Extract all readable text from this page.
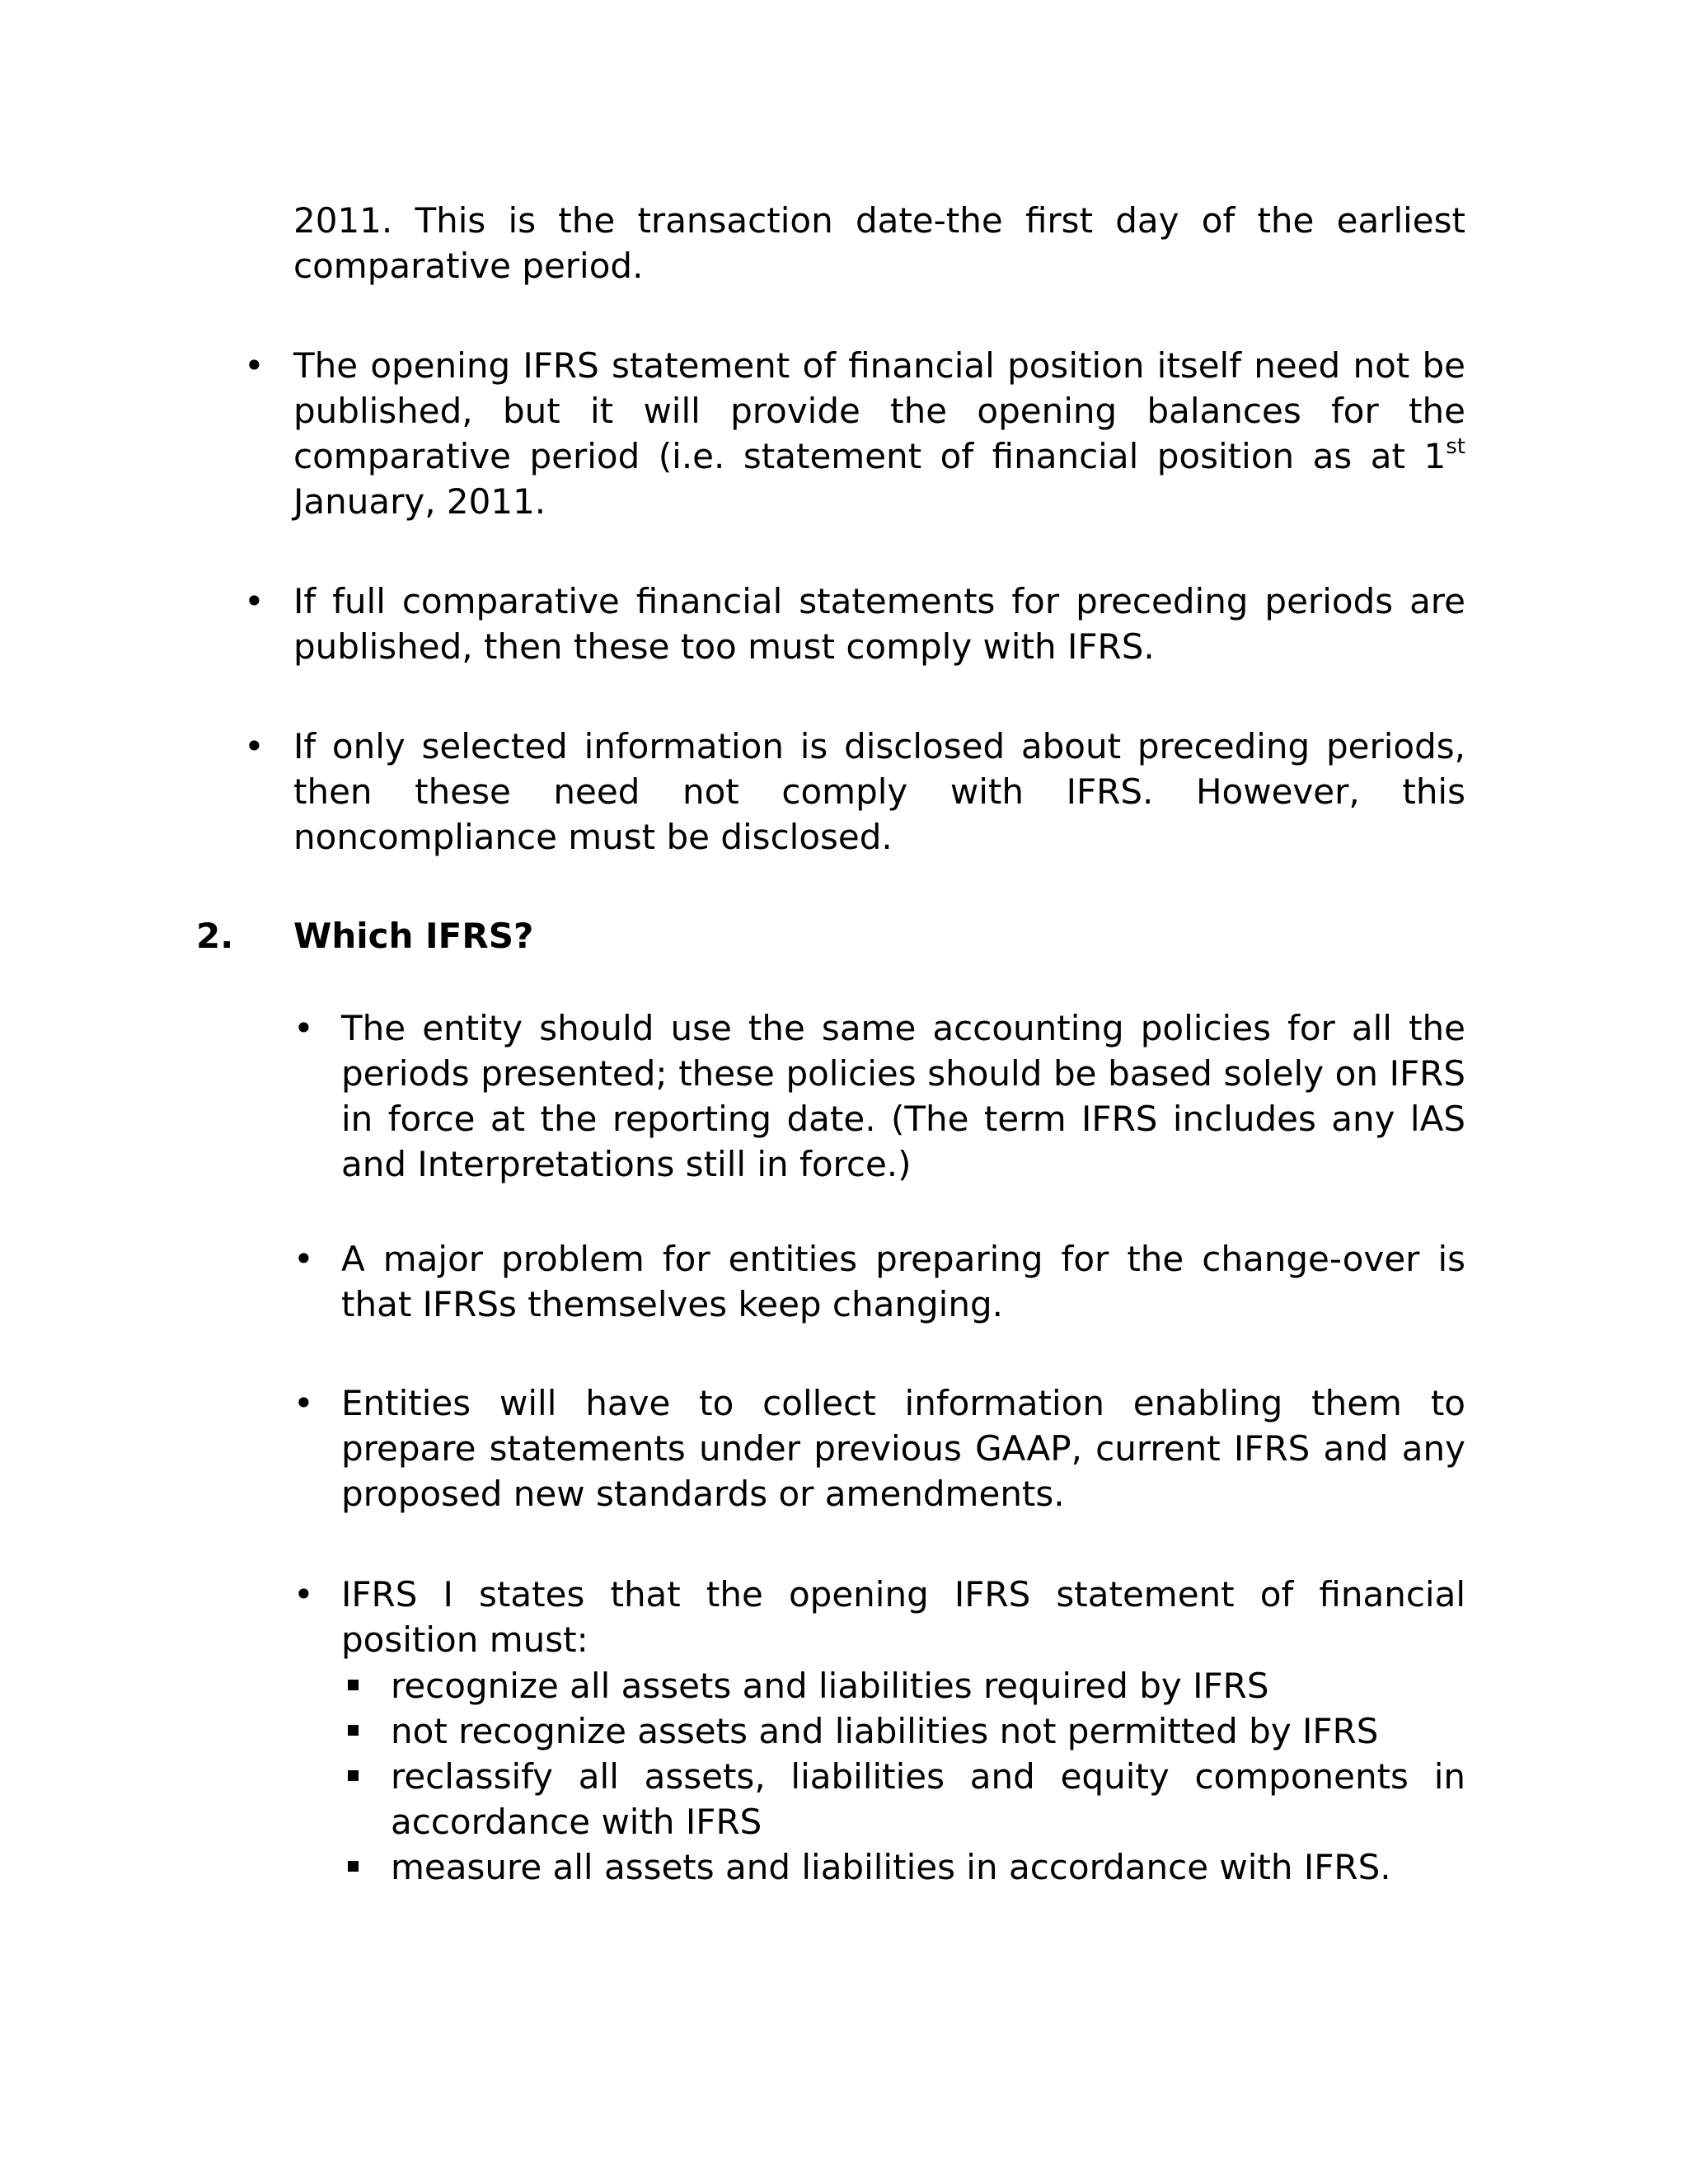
2011. This is the transaction date-the first day of the earliest comparative period.

• The opening IFRS statement of financial position itself need not be published, but it will provide the opening balances for the comparative period (i.e. statement of financial position as at 1st January, 2011.

• If full comparative financial statements for preceding periods are published, then these too must comply with IFRS.

• If only selected information is disclosed about preceding periods, then these need not comply with IFRS. However, this noncompliance must be disclosed.

2. Which IFRS?
• The entity should use the same accounting policies for all the periods presented; these policies should be based solely on IFRS in force at the reporting date. (The term IFRS includes any lAS and Interpretations still in force.)

• A major problem for entities preparing for the change-over is that IFRSs themselves keep changing.

• Entities will have to collect information enabling them to prepare statements under previous GAAP, current IFRS and any proposed new standards or amendments.

• IFRS I states that the opening IFRS statement of financial position must:

recognize all assets and liabilities required by IFRS

not recognize assets and liabilities not permitted by IFRS

reclassify all assets, liabilities and equity components in accordance with IFRS

measure all assets and liabilities in accordance with IFRS.
